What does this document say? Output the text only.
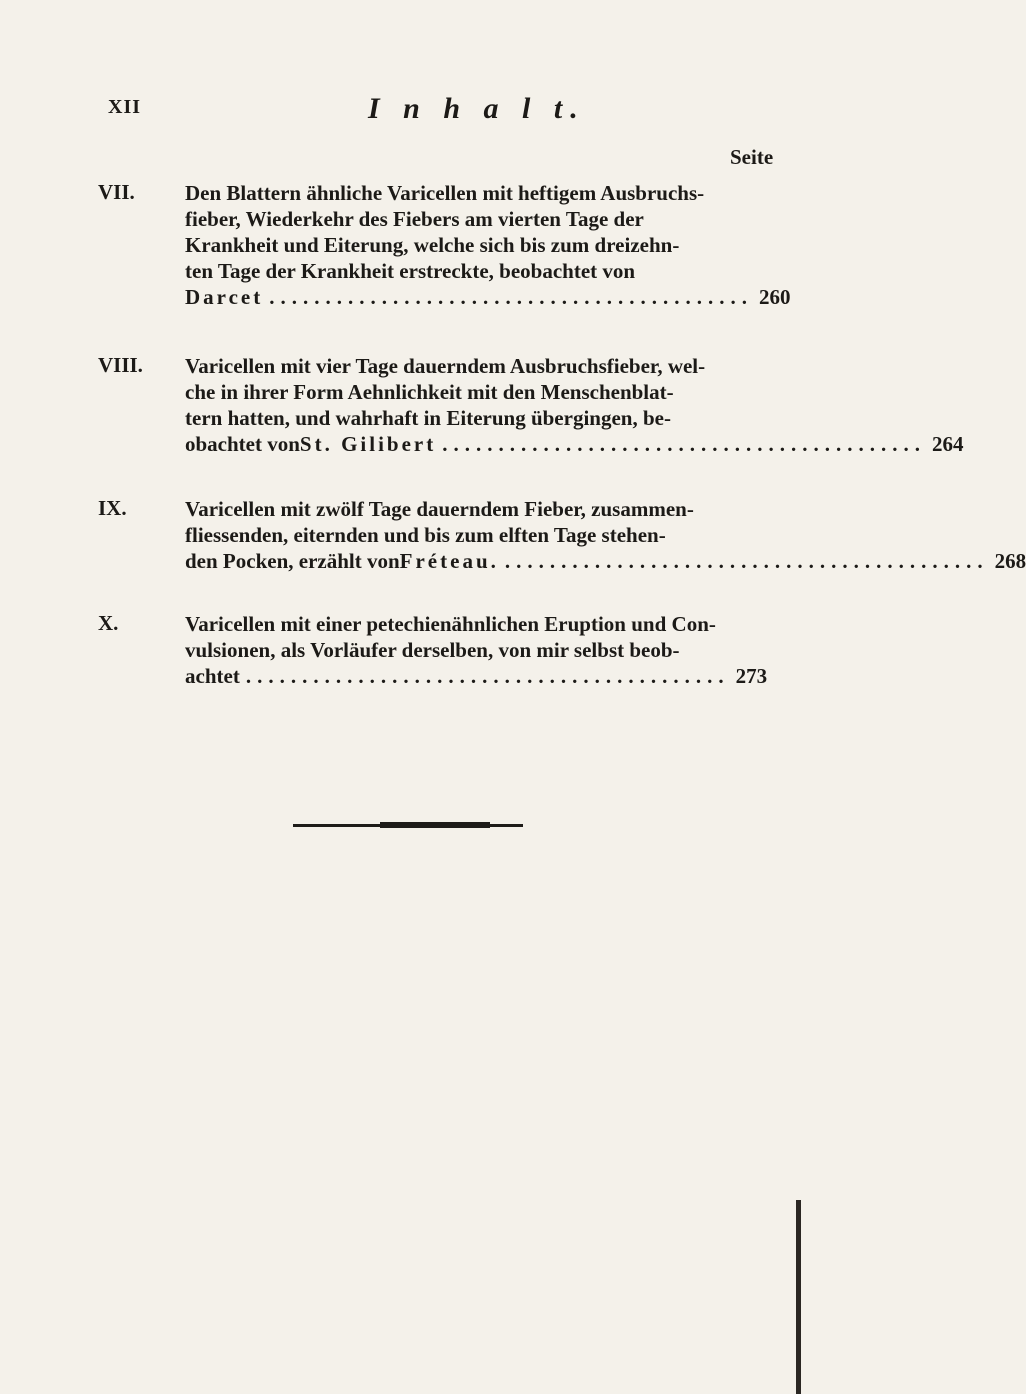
XII	I n h a l t.
Seite
VII. Den Blattern ähnliche Varicellen mit heftigem Ausbruchs-
fieber, Wiederkehr des Fiebers am vierten Tage der
Krankheit und Eiterung, welche sich bis zum dreizehn-
ten Tage der Krankheit erstreckte, beobachtet von
Darcet ........................................... 260
VIII. Varicellen mit vier Tage dauerndem Ausbruchsfieber, wel-
che in ihrer Form Aehnlichkeit mit den Menschenblat-
tern hatten, und wahrhaft in Eiterung übergingen, be-
obachtet von St. Gilibert ........................................... 264
IX.	Varicellen mit zwölf Tage dauerndem Fieber, zusammen-
fliessenden, eiternden und bis zum elften Tage stehen-
den Pocken, erzählt von Fréteau. ........................................... 268
X.	Varicellen mit einer petechienähnlichen Eruption und Con-
vulsionen, als Vorläufer derselben, von mir selbst beob-
achtet ........................................... 273
